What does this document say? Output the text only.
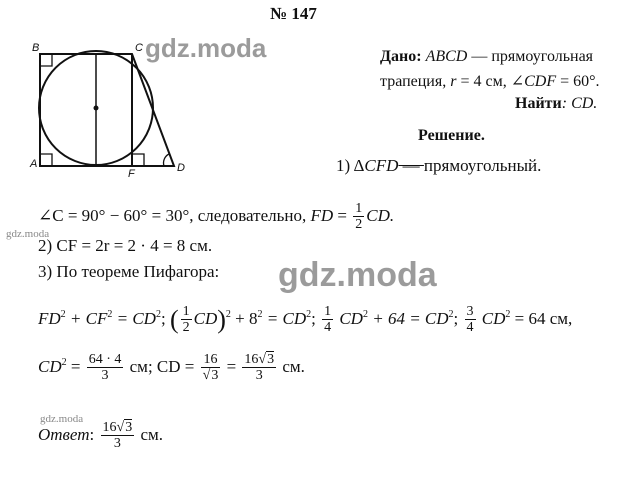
№ 147
gdz.moda
gdz.moda
gdz.moda
gdz.moda
B	C
A
F	D
Дано: ABCD — прямоугольная
трапеция, r = 4 см, ∠CDF = 60°.
Найти: CD.
Решение.
1) ΔCFD — прямоугольный.
∠C = 90° − 60° = 30°, следовательно, FD = $\frac{1}{2}$ CD.
2) CF = 2r = 2 · 4 = 8 см.
3) По теореме Пифагора:
$FD^2 + CF^2 = CD^2$; ( $\frac{1}{2} CD)^2 + 8^2 = CD^2$; $\frac{1}{4} CD^2 + 64 = CD^2$; $\frac{3}{4} CD^2 = 64$ см,
$CD^2 = \frac{64 \cdot 4}{3}$ см; CD = $\frac{16}{√3} = \frac{16√3}{3}$ см.
Ответ: $\frac{16√3}{3}$ см.
